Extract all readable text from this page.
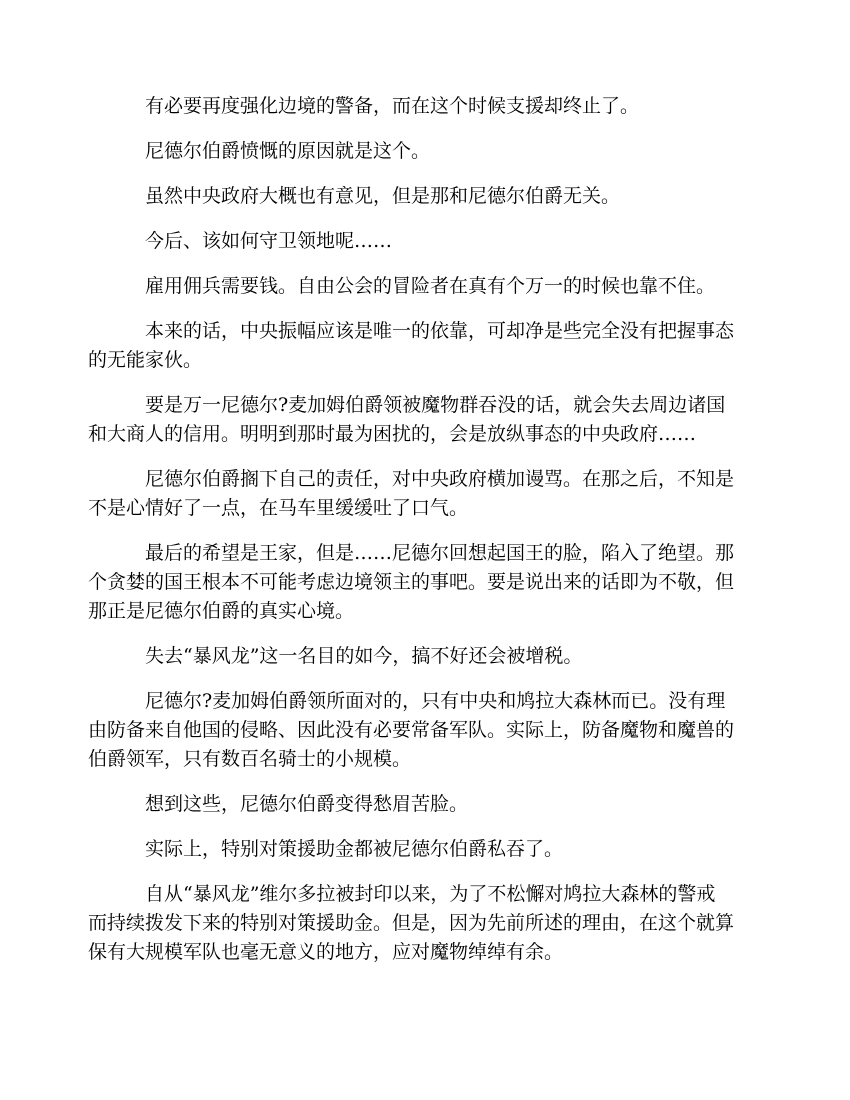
有必要再度强化边境的警备，而在这个时候支援却终止了。

尼德尔伯爵愤慨的原因就是这个。

虽然中央政府大概也有意见，但是那和尼德尔伯爵无关。

今后、该如何守卫领地呢……

雇用佣兵需要钱。自由公会的冒险者在真有个万一的时候也靠不住。

本来的话，中央振幅应该是唯一的依靠，可却净是些完全没有把握事态的无能家伙。

要是万一尼德尔?麦加姆伯爵领被魔物群吞没的话，就会失去周边诸国和大商人的信用。明明到那时最为困扰的，会是放纵事态的中央政府……

尼德尔伯爵搁下自己的责任，对中央政府横加谩骂。在那之后，不知是不是心情好了一点，在马车里缓缓吐了口气。

最后的希望是王家，但是……尼德尔回想起国王的脸，陷入了绝望。那个贪婪的国王根本不可能考虑边境领主的事吧。要是说出来的话即为不敬，但那正是尼德尔伯爵的真实心境。

失去“暴风龙”这一名目的如今，搞不好还会被增税。

尼德尔?麦加姆伯爵领所面对的，只有中央和鸠拉大森林而已。没有理由防备来自他国的侵略、因此没有必要常备军队。实际上，防备魔物和魔兽的伯爵领军，只有数百名骑士的小规模。

想到这些，尼德尔伯爵变得愁眉苦脸。

实际上，特别对策援助金都被尼德尔伯爵私吞了。

自从“暴风龙”维尔多拉被封印以来，为了不松懈对鸠拉大森林的警戒而持续拨发下来的特别对策援助金。但是，因为先前所述的理由，在这个就算保有大规模军队也毫无意义的地方，应对魔物绰绰有余。
